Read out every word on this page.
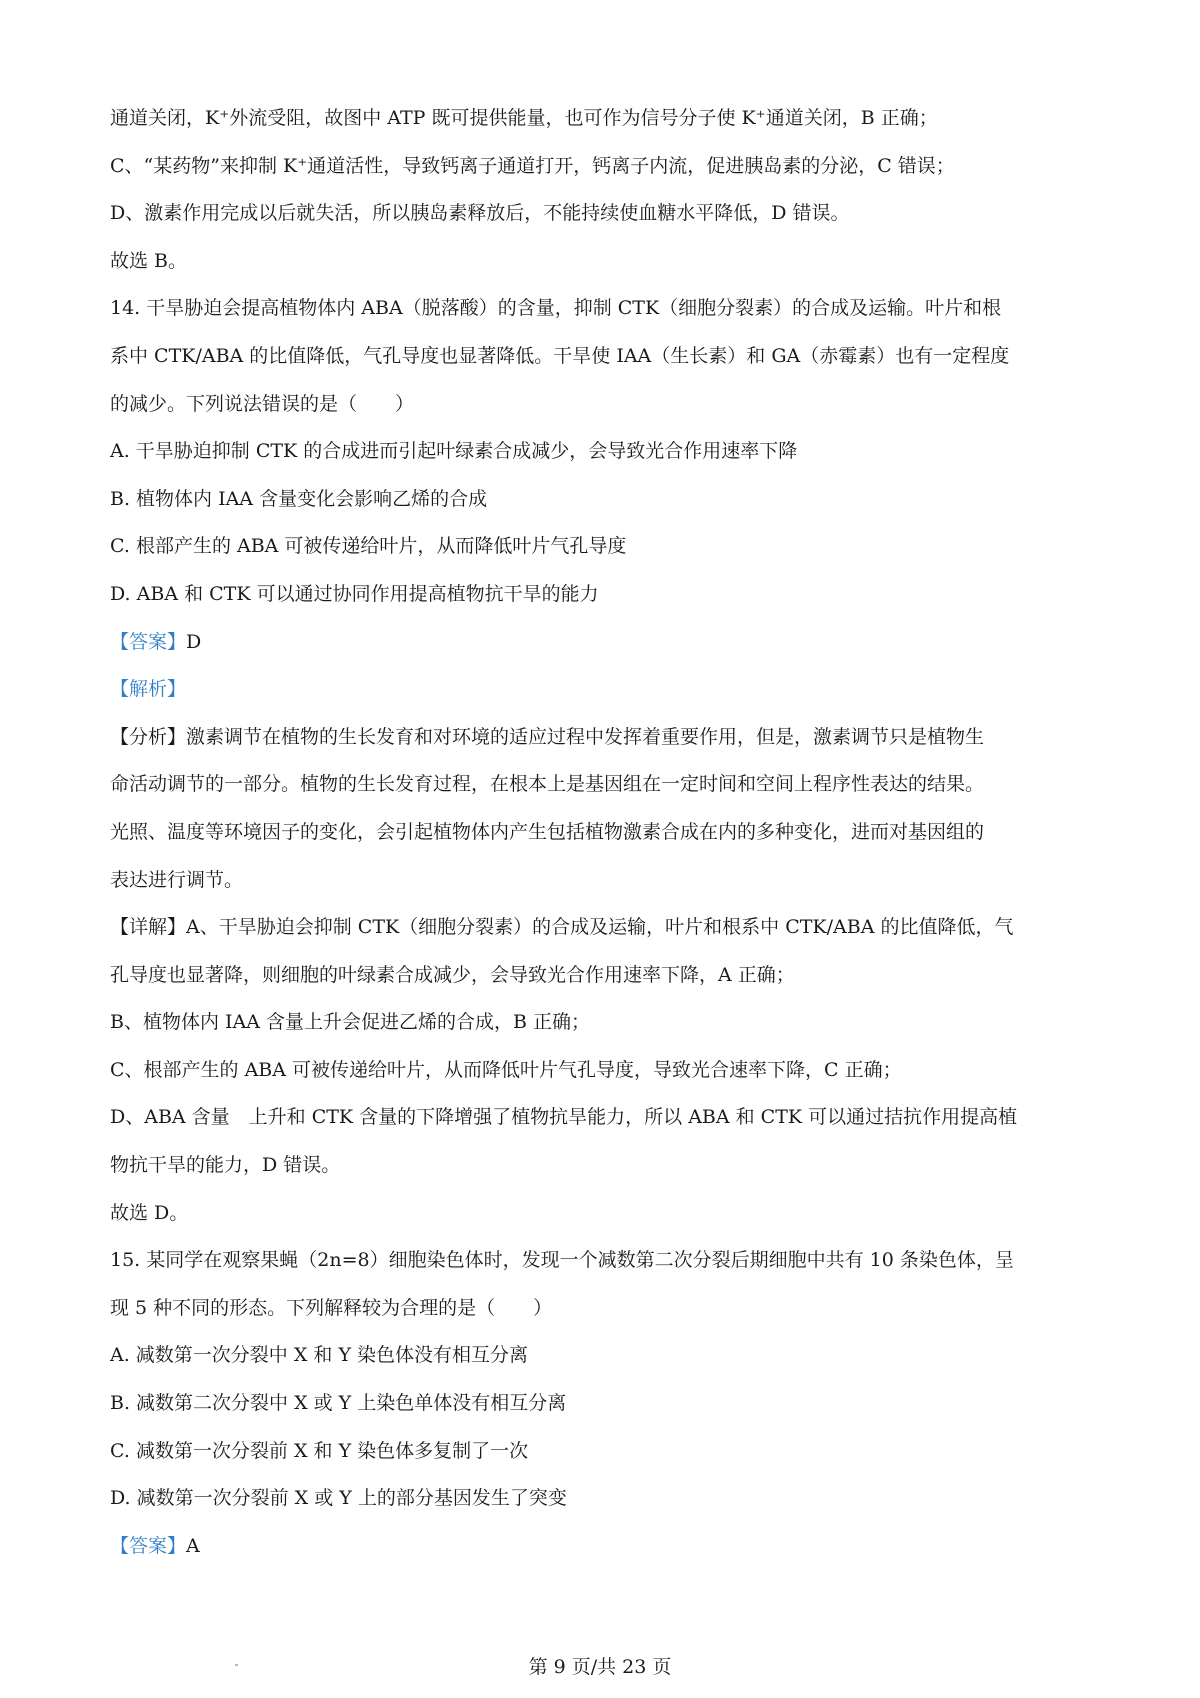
通道关闭，K⁺外流受阻，故图中 ATP 既可提供能量，也可作为信号分子使 K⁺通道关闭，B 正确；
C、“某药物”来抑制 K⁺通道活性，导致钙离子通道打开，钙离子内流，促进胰岛素的分泌，C 错误；
D、激素作用完成以后就失活，所以胰岛素释放后，不能持续使血糖水平降低，D 错误。
故选 B。
14. 干旱胁迫会提高植物体内 ABA（脱落酸）的含量，抑制 CTK（细胞分裂素）的合成及运输。叶片和根
系中 CTK/ABA 的比值降低，气孔导度也显著降低。干旱使 IAA（生长素）和 GA（赤霉素）也有一定程度
的减少。下列说法错误的是（　　）
A. 干旱胁迫抑制 CTK 的合成进而引起叶绿素合成减少，会导致光合作用速率下降
B. 植物体内 IAA 含量变化会影响乙烯的合成
C. 根部产生的 ABA 可被传递给叶片，从而降低叶片气孔导度
D. ABA 和 CTK 可以通过协同作用提高植物抗干旱的能力
【答案】D
【解析】
【分析】激素调节在植物的生长发育和对环境的适应过程中发挥着重要作用，但是，激素调节只是植物生
命活动调节的一部分。植物的生长发育过程，在根本上是基因组在一定时间和空间上程序性表达的结果。
光照、温度等环境因子的变化，会引起植物体内产生包括植物激素合成在内的多种变化，进而对基因组的
表达进行调节。
【详解】A、干旱胁迫会抑制 CTK（细胞分裂素）的合成及运输，叶片和根系中 CTK/ABA 的比值降低，气
孔导度也显著降，则细胞的叶绿素合成减少，会导致光合作用速率下降，A 正确；
B、植物体内 IAA 含量上升会促进乙烯的合成，B 正确；
C、根部产生的 ABA 可被传递给叶片，从而降低叶片气孔导度，导致光合速率下降，C 正确；
D、ABA 含量　上升和 CTK 含量的下降增强了植物抗旱能力，所以 ABA 和 CTK 可以通过拮抗作用提高植
物抗干旱的能力，D 错误。
故选 D。
15. 某同学在观察果蝇（2n=8）细胞染色体时，发现一个减数第二次分裂后期细胞中共有 10 条染色体，呈
现 5 种不同的形态。下列解释较为合理的是（　　）
A. 减数第一次分裂中 X 和 Y 染色体没有相互分离
B. 减数第二次分裂中 X 或 Y 上染色单体没有相互分离
C. 减数第一次分裂前 X 和 Y 染色体多复制了一次
D. 减数第一次分裂前 X 或 Y 上的部分基因发生了突变
【答案】A
第 9 页/共 23 页
